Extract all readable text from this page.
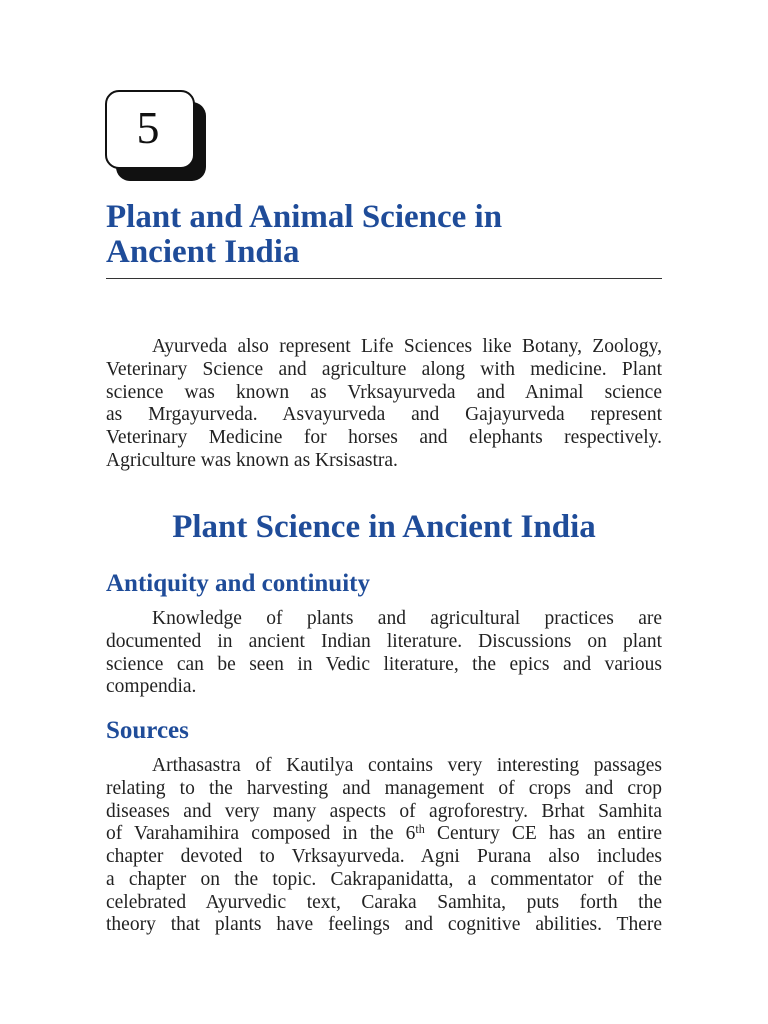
5
Plant and Animal Science in
Ancient India
Ayurveda also represent Life Sciences like Botany, Zoology,
Veterinary Science and agriculture along with medicine. Plant
science was known as Vrksayurveda and Animal science
as Mrgayurveda. Asvayurveda and Gajayurveda represent
Veterinary Medicine for horses and elephants respectively.
Agriculture was known as Krsisastra.
Plant Science in Ancient India
Antiquity and continuity
Knowledge of plants and agricultural practices are
documented in ancient Indian literature. Discussions on plant
science can be seen in Vedic literature, the epics and various
compendia.
Sources
Arthasastra of Kautilya contains very interesting passages
relating to the harvesting and management of crops and crop
diseases and very many aspects of agroforestry. Brhat Samhita
of Varahamihira composed in the 6th Century CE has an entire
chapter devoted to Vrksayurveda. Agni Purana also includes
a chapter on the topic. Cakrapanidatta, a commentator of the
celebrated Ayurvedic text, Caraka Samhita, puts forth the
theory that plants have feelings and cognitive abilities. There
